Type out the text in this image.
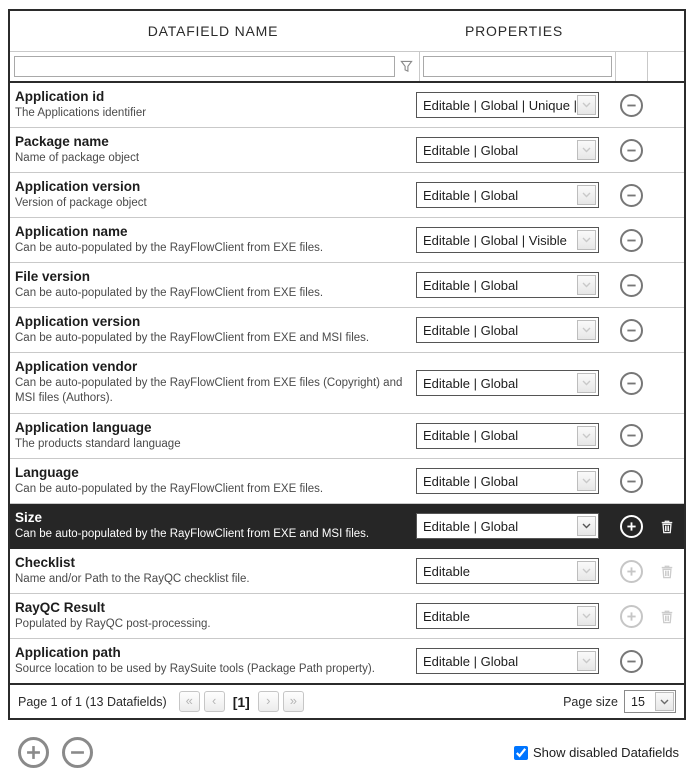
DATAFIELD NAME	PROPERTIES
Application id
The Applications identifier
Editable | Global | Unique |
Package name
Name of package object
Editable | Global
Application version
Version of package object
Editable | Global
Application name
Can be auto-populated by the RayFlowClient from EXE files.
Editable | Global | Visible
File version
Can be auto-populated by the RayFlowClient from EXE files.
Editable | Global
Application version
Can be auto-populated by the RayFlowClient from EXE and MSI files.
Editable | Global
Application vendor
Can be auto-populated by the RayFlowClient from EXE files (Copyright) and MSI files (Authors).
Editable | Global
Application language
The products standard language
Editable | Global
Language
Can be auto-populated by the RayFlowClient from EXE files.
Editable | Global
Size
Can be auto-populated by the RayFlowClient from EXE and MSI files.
Editable | Global
Checklist
Name and/or Path to the RayQC checklist file.
Editable
RayQC Result
Populated by RayQC post-processing.
Editable
Application path
Source location to be used by RaySuite tools (Package Path property).
Editable | Global
Page 1 of 1 (13 Datafields)	«	‹	[1]	›	»	Page size	15
Show disabled Datafields
